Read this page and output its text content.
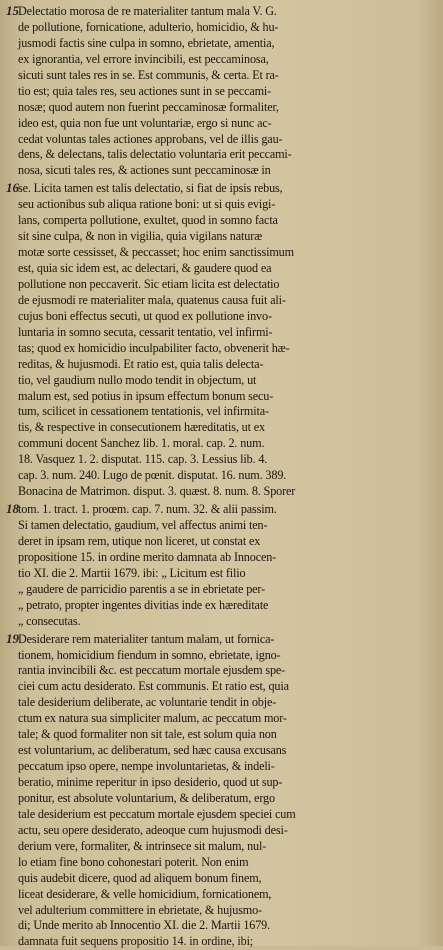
15 Delectatio morosa de re materialiter tantum mala V. G.
de pollutione, fornicatione, adulterio, homicidio, & hu-
jusmodi factis sine culpa in somno, ebrietate, amentia,
ex ignorantia, vel errore invincibili, est peccaminosa,
sicuti sunt tales res in se. Est communis, & certa. Et ra-
tio est; quia tales res, seu actiones sunt in se peccami-
nosæ; quod autem non fuerint peccaminosæ formaliter,
ideo est, quia non fue unt voluntariæ, ergo si nunc ac-
cedat voluntas tales actiones approbans, vel de illis gau-
dens, & delectans, talis delectatio voluntaria erit peccami-
nosa, sicuti tales res, & actiones sunt peccaminosæ in
16 se. Licita tamen est talis delectatio, si fiat de ipsis rebus,
seu actionibus sub aliqua ratione boni: ut si quis evigi-
lans, comperta pollutione, exultet, quod in somno facta
sit sine culpa, & non in vigilia, quia vigilans naturæ
motæ sorte cessisset, & peccasset; hoc enim sanctissimum
est, quia sic idem est, ac delectari, & gaudere quod ea
pollutione non peccaverit. Sic etiam licita est delectatio
de ejusmodi re materialiter mala, quatenus causa fuit ali-
cujus boni effectus secuti, ut quod ex pollutione invo-
luntaria in somno secuta, cessarit tentatio, vel infirmi-
tas; quod ex homicidio inculpabiliter facto, obvenerit hæ-
reditas, & hujusmodi. Et ratio est, quia talis delecta-
tio, vel gaudium nullo modo tendit in objectum, ut
malum est, sed potius in ipsum effectum bonum secu-
tum, scilicet in cessationem tentationis, vel infirmita-
tis, & respective in consecutionem hæreditatis, ut ex
communi docent Sanchez lib. 1. moral. cap. 2. num.
18. Vasquez 1. 2. disputat. 115. cap. 3. Lessius lib. 4.
cap. 3. num. 240. Lugo de pœnit. disputat. 16. num. 389.
Bonacina de Matrimon. disput. 3. quæst. 8. num. 8. Sporer
18 tom. 1. tract. 1. proœm. cap. 7. num. 32. & alii passim.
Si tamen delectatio, gaudium, vel affectus animi ten-
deret in ipsam rem, utique non liceret, ut constat ex
propositione 15. in ordine merito damnata ab Innocen-
tio XI. die 2. Martii 1679. ibi: „ Licitum est filio
„ gaudere de parricidio parentis a se in ebrietate per-
„ petrato, propter ingentes divitias inde ex hæreditate
„ consecutas.
19 Desiderare rem materialiter tantum malam, ut fornica-
tionem, homicidium fiendum in somno, ebrietate, igno-
rantia invincibili &c. est peccatum mortale ejusdem spe-
ciei cum actu desiderato. Est communis. Et ratio est, quia
tale desiderium deliberate, ac voluntarie tendit in obje-
ctum ex natura sua simpliciter malum, ac peccatum mor-
tale; & quod formaliter non sit tale, est solum quia non
est voluntarium, ac deliberatum, sed hæc causa excusans
peccatum ipso opere, nempe involuntarietas, & indeli-
beratio, minime reperitur in ipso desiderio, quod ut sup-
ponitur, est absolute voluntarium, & deliberatum, ergo
tale desiderium est peccatum mortale ejusdem speciei cum
actu, seu opere desiderato, adeoque cum hujusmodi desi-
derium vere, formaliter, & intrinsece sit malum, nul-
lo etiam fine bono cohonestari poterit. Non enim
quis audebit dicere, quod ad aliquem bonum finem,
liceat desiderare, & velle homicidium, fornicationem,
vel adulterium committere in ebrietate, & hujusmo-
di; Unde merito ab Innocentio XI. die 2. Martii 1679.
damnata fuit sequens propositio 14. in ordine, ibi;
